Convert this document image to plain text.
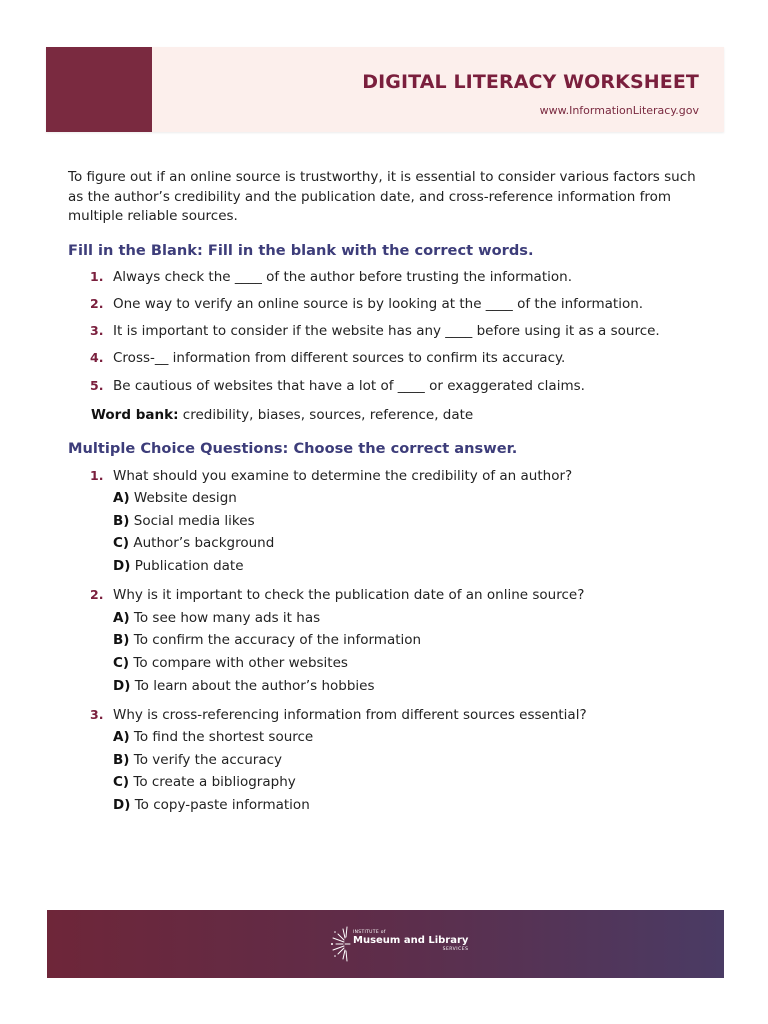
DIGITAL LITERACY WORKSHEET
www.InformationLiteracy.gov

To figure out if an online source is trustworthy, it is essential to consider various factors such as the author’s credibility and the publication date, and cross-reference information from multiple reliable sources.

Fill in the Blank: Fill in the blank with the correct words.
1. Always check the ____ of the author before trusting the information.
2. One way to verify an online source is by looking at the ____ of the information.
3. It is important to consider if the website has any ____ before using it as a source.
4. Cross-__ information from different sources to confirm its accuracy.
5. Be cautious of websites that have a lot of ____ or exaggerated claims.
Word bank: credibility, biases, sources, reference, date
Multiple Choice Questions: Choose the correct answer.
1. What should you examine to determine the credibility of an author?
A) Website design
B) Social media likes
C) Author’s background
D) Publication date
2. Why is it important to check the publication date of an online source?
A) To see how many ads it has
B) To confirm the accuracy of the information
C) To compare with other websites
D) To learn about the author’s hobbies
3. Why is cross-referencing information from different sources essential?
A) To find the shortest source
B) To verify the accuracy
C) To create a bibliography
D) To copy-paste information
INSTITUTE of
Museum and Library
SERVICES
